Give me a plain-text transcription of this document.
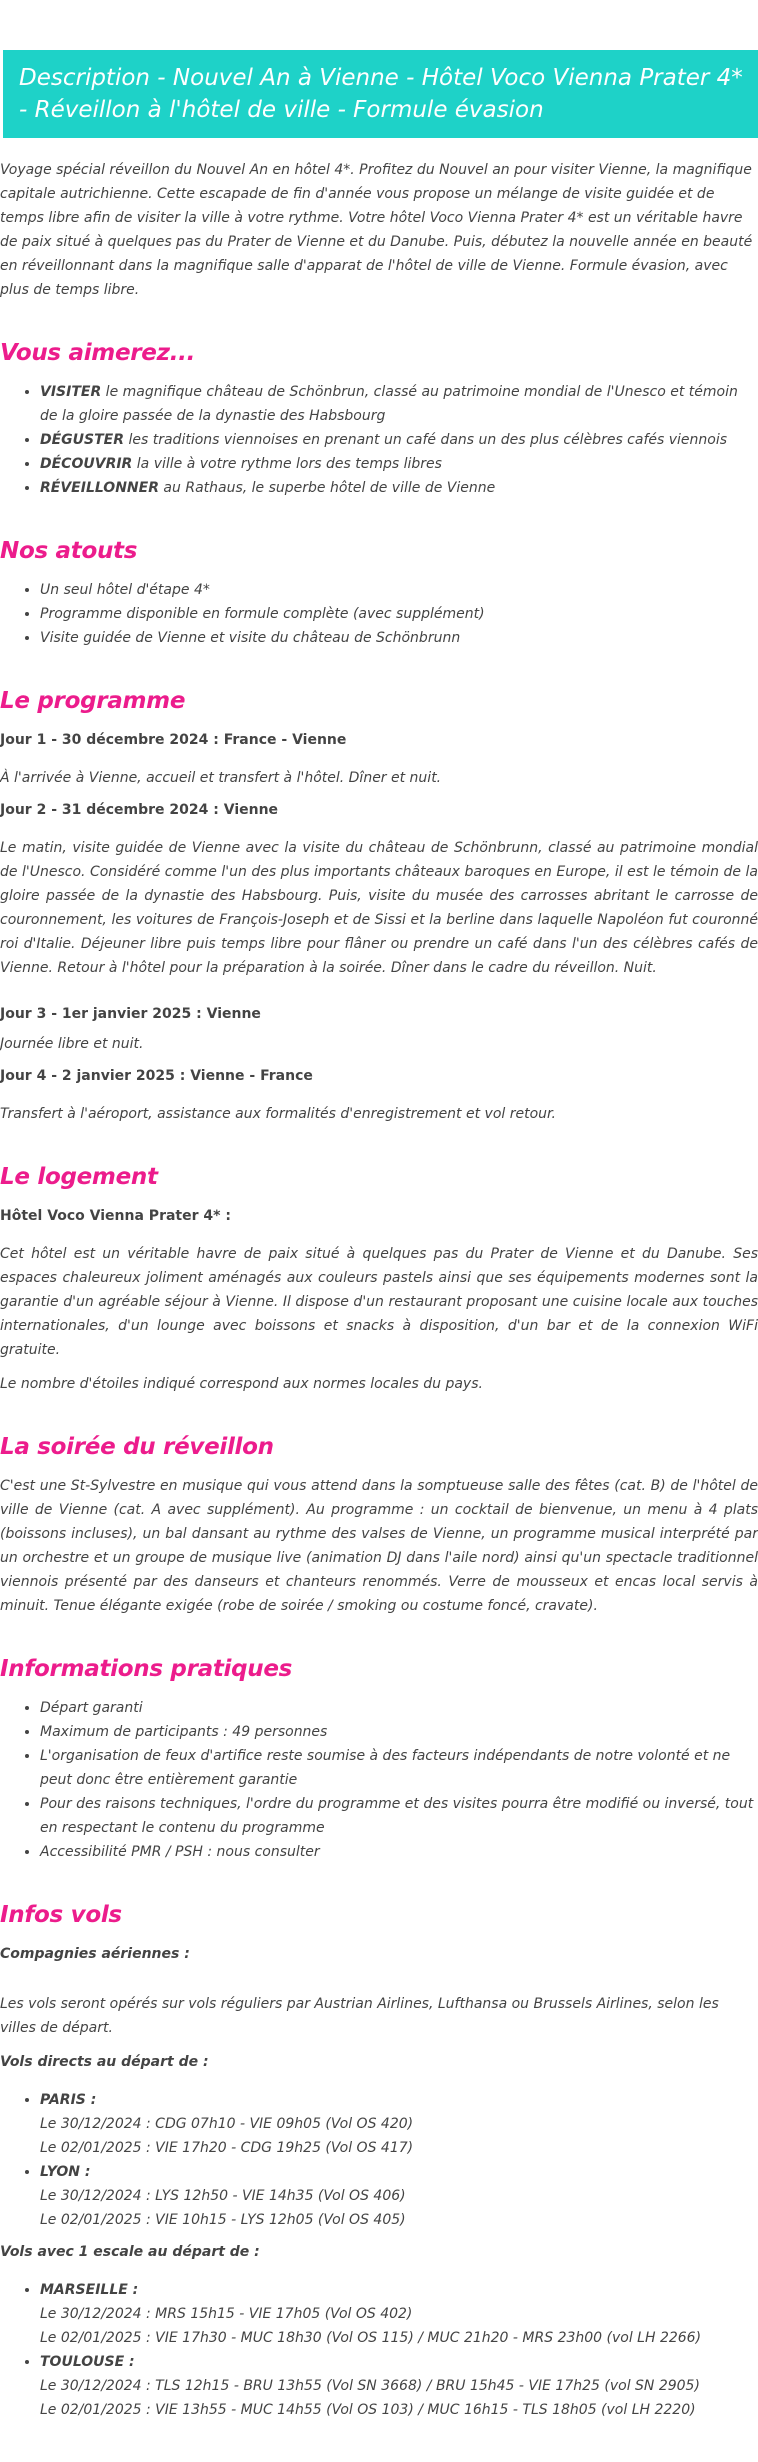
Description - Nouvel An à Vienne - Hôtel Voco Vienna Prater 4* - Réveillon à l'hôtel de ville - Formule évasion

Voyage spécial réveillon du Nouvel An en hôtel 4*. Profitez du Nouvel an pour visiter Vienne, la magnifique capitale autrichienne. Cette escapade de fin d'année vous propose un mélange de visite guidée et de temps libre afin de visiter la ville à votre rythme. Votre hôtel Voco Vienna Prater 4* est un véritable havre de paix situé à quelques pas du Prater de Vienne et du Danube. Puis, débutez la nouvelle année en beauté en réveillonnant dans la magnifique salle d'apparat de l'hôtel de ville de Vienne. Formule évasion, avec plus de temps libre.

Vous aimerez...
• VISITER le magnifique château de Schönbrun, classé au patrimoine mondial de l'Unesco et témoin de la gloire passée de la dynastie des Habsbourg
• DÉGUSTER les traditions viennoises en prenant un café dans un des plus célèbres cafés viennois
• DÉCOUVRIR la ville à votre rythme lors des temps libres
• RÉVEILLONNER au Rathaus, le superbe hôtel de ville de Vienne
Nos atouts
• Un seul hôtel d'étape 4*
• Programme disponible en formule complète (avec supplément)
• Visite guidée de Vienne et visite du château de Schönbrunn
Le programme
Jour 1 - 30 décembre 2024 : France - Vienne

À l'arrivée à Vienne, accueil et transfert à l'hôtel. Dîner et nuit.

Jour 2 - 31 décembre 2024 : Vienne

Le matin, visite guidée de Vienne avec la visite du château de Schönbrunn, classé au patrimoine mondial de l'Unesco. Considéré comme l'un des plus importants châteaux baroques en Europe, il est le témoin de la gloire passée de la dynastie des Habsbourg. Puis, visite du musée des carrosses abritant le carrosse de couronnement, les voitures de François-Joseph et de Sissi et la berline dans laquelle Napoléon fut couronné roi d'Italie. Déjeuner libre puis temps libre pour flâner ou prendre un café dans l'un des célèbres cafés de Vienne. Retour à l'hôtel pour la préparation à la soirée. Dîner dans le cadre du réveillon. Nuit.

Jour 3 - 1er janvier 2025 : Vienne

Journée libre et nuit.

Jour 4 - 2 janvier 2025 : Vienne - France

Transfert à l'aéroport, assistance aux formalités d'enregistrement et vol retour.

Le logement
Hôtel Voco Vienna Prater 4* :

Cet hôtel est un véritable havre de paix situé à quelques pas du Prater de Vienne et du Danube. Ses espaces chaleureux joliment aménagés aux couleurs pastels ainsi que ses équipements modernes sont la garantie d'un agréable séjour à Vienne. Il dispose d'un restaurant proposant une cuisine locale aux touches internationales, d'un lounge avec boissons et snacks à disposition, d'un bar et de la connexion WiFi gratuite.

Le nombre d'étoiles indiqué correspond aux normes locales du pays.

La soirée du réveillon

C'est une St-Sylvestre en musique qui vous attend dans la somptueuse salle des fêtes (cat. B) de l'hôtel de ville de Vienne (cat. A avec supplément). Au programme : un cocktail de bienvenue, un menu à 4 plats (boissons incluses), un bal dansant au rythme des valses de Vienne, un programme musical interprété par un orchestre et un groupe de musique live (animation DJ dans l'aile nord) ainsi qu'un spectacle traditionnel viennois présenté par des danseurs et chanteurs renommés. Verre de mousseux et encas local servis à minuit. Tenue élégante exigée (robe de soirée / smoking ou costume foncé, cravate).

Informations pratiques
• Départ garanti
• Maximum de participants : 49 personnes
• L'organisation de feux d'artifice reste soumise à des facteurs indépendants de notre volonté et ne peut donc être entièrement garantie
• Pour des raisons techniques, l'ordre du programme et des visites pourra être modifié ou inversé, tout en respectant le contenu du programme
• Accessibilité PMR / PSH : nous consulter
Infos vols
Compagnies aériennes :

Les vols seront opérés sur vols réguliers par Austrian Airlines, Lufthansa ou Brussels Airlines, selon les villes de départ.

Vols directs au départ de :
• PARIS :
Le 30/12/2024 : CDG 07h10 - VIE 09h05 (Vol OS 420)
Le 02/01/2025 : VIE 17h20 - CDG 19h25 (Vol OS 417)
• LYON :
Le 30/12/2024 : LYS 12h50 - VIE 14h35 (Vol OS 406)
Le 02/01/2025 : VIE 10h15 - LYS 12h05 (Vol OS 405)
Vols avec 1 escale au départ de :
• MARSEILLE :
Le 30/12/2024 : MRS 15h15 - VIE 17h05 (Vol OS 402)
Le 02/01/2025 : VIE 17h30 - MUC 18h30 (Vol OS 115) / MUC 21h20 - MRS 23h00 (vol LH 2266)
• TOULOUSE :
Le 30/12/2024 : TLS 12h15 - BRU 13h55 (Vol SN 3668) / BRU 15h45 - VIE 17h25 (vol SN 2905)
Le 02/01/2025 : VIE 13h55 - MUC 14h55 (Vol OS 103) / MUC 16h15 - TLS 18h05 (vol LH 2220)
